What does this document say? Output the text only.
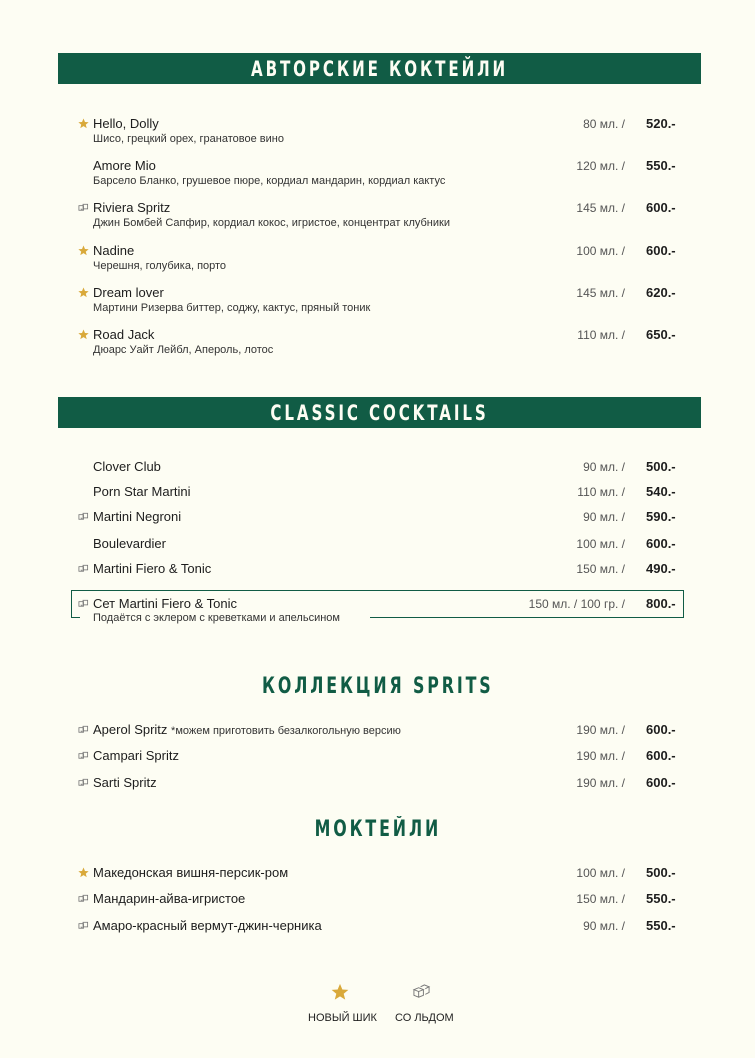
АВТОРСКИЕ КОКТЕЙЛИ
Hello, Dolly
Шисо, грецкий орех, гранатовое вино
80 мл. / 520.-
Amore Mio
Барсело Бланко, грушевое пюре, кордиал мандарин, кордиал кактус
120 мл. / 550.-
Riviera Spritz
Джин Бомбей Сапфир, кордиал кокос, игристое, концентрат клубники
145 мл. / 600.-
Nadine
Черешня, голубика, порто
100 мл. / 600.-
Dream lover
Мартини Ризерва биттер, соджу, кактус, пряный тоник
145 мл. / 620.-
Road Jack
Дюарс Уайт Лейбл, Апероль, лотос
110 мл. / 650.-
CLASSIC COCKTAILS
Clover Club	90 мл. / 500.-
Porn Star Martini	110 мл. / 540.-
Martini Negroni	90 мл. / 590.-
Boulevardier	100 мл. / 600.-
Martini Fiero & Tonic	150 мл. / 490.-
Сет Martini Fiero & Tonic
Подаётся с эклером с креветками и апельсином
150 мл. / 100 гр. / 800.-
КОЛЛЕКЦИЯ SPRITS
Aperol Spritz *можем приготовить безалкогольную версию	190 мл. / 600.-
Campari Spritz	190 мл. / 600.-
Sarti Spritz	190 мл. / 600.-
МОКТЕЙЛИ
Македонская вишня-персик-ром	100 мл. / 500.-
Мандарин-айва-игристое	150 мл. / 550.-
Амаро-красный вермут-джин-черника	90 мл. / 550.-
НОВЫЙ ШИК СО ЛЬДОМ
